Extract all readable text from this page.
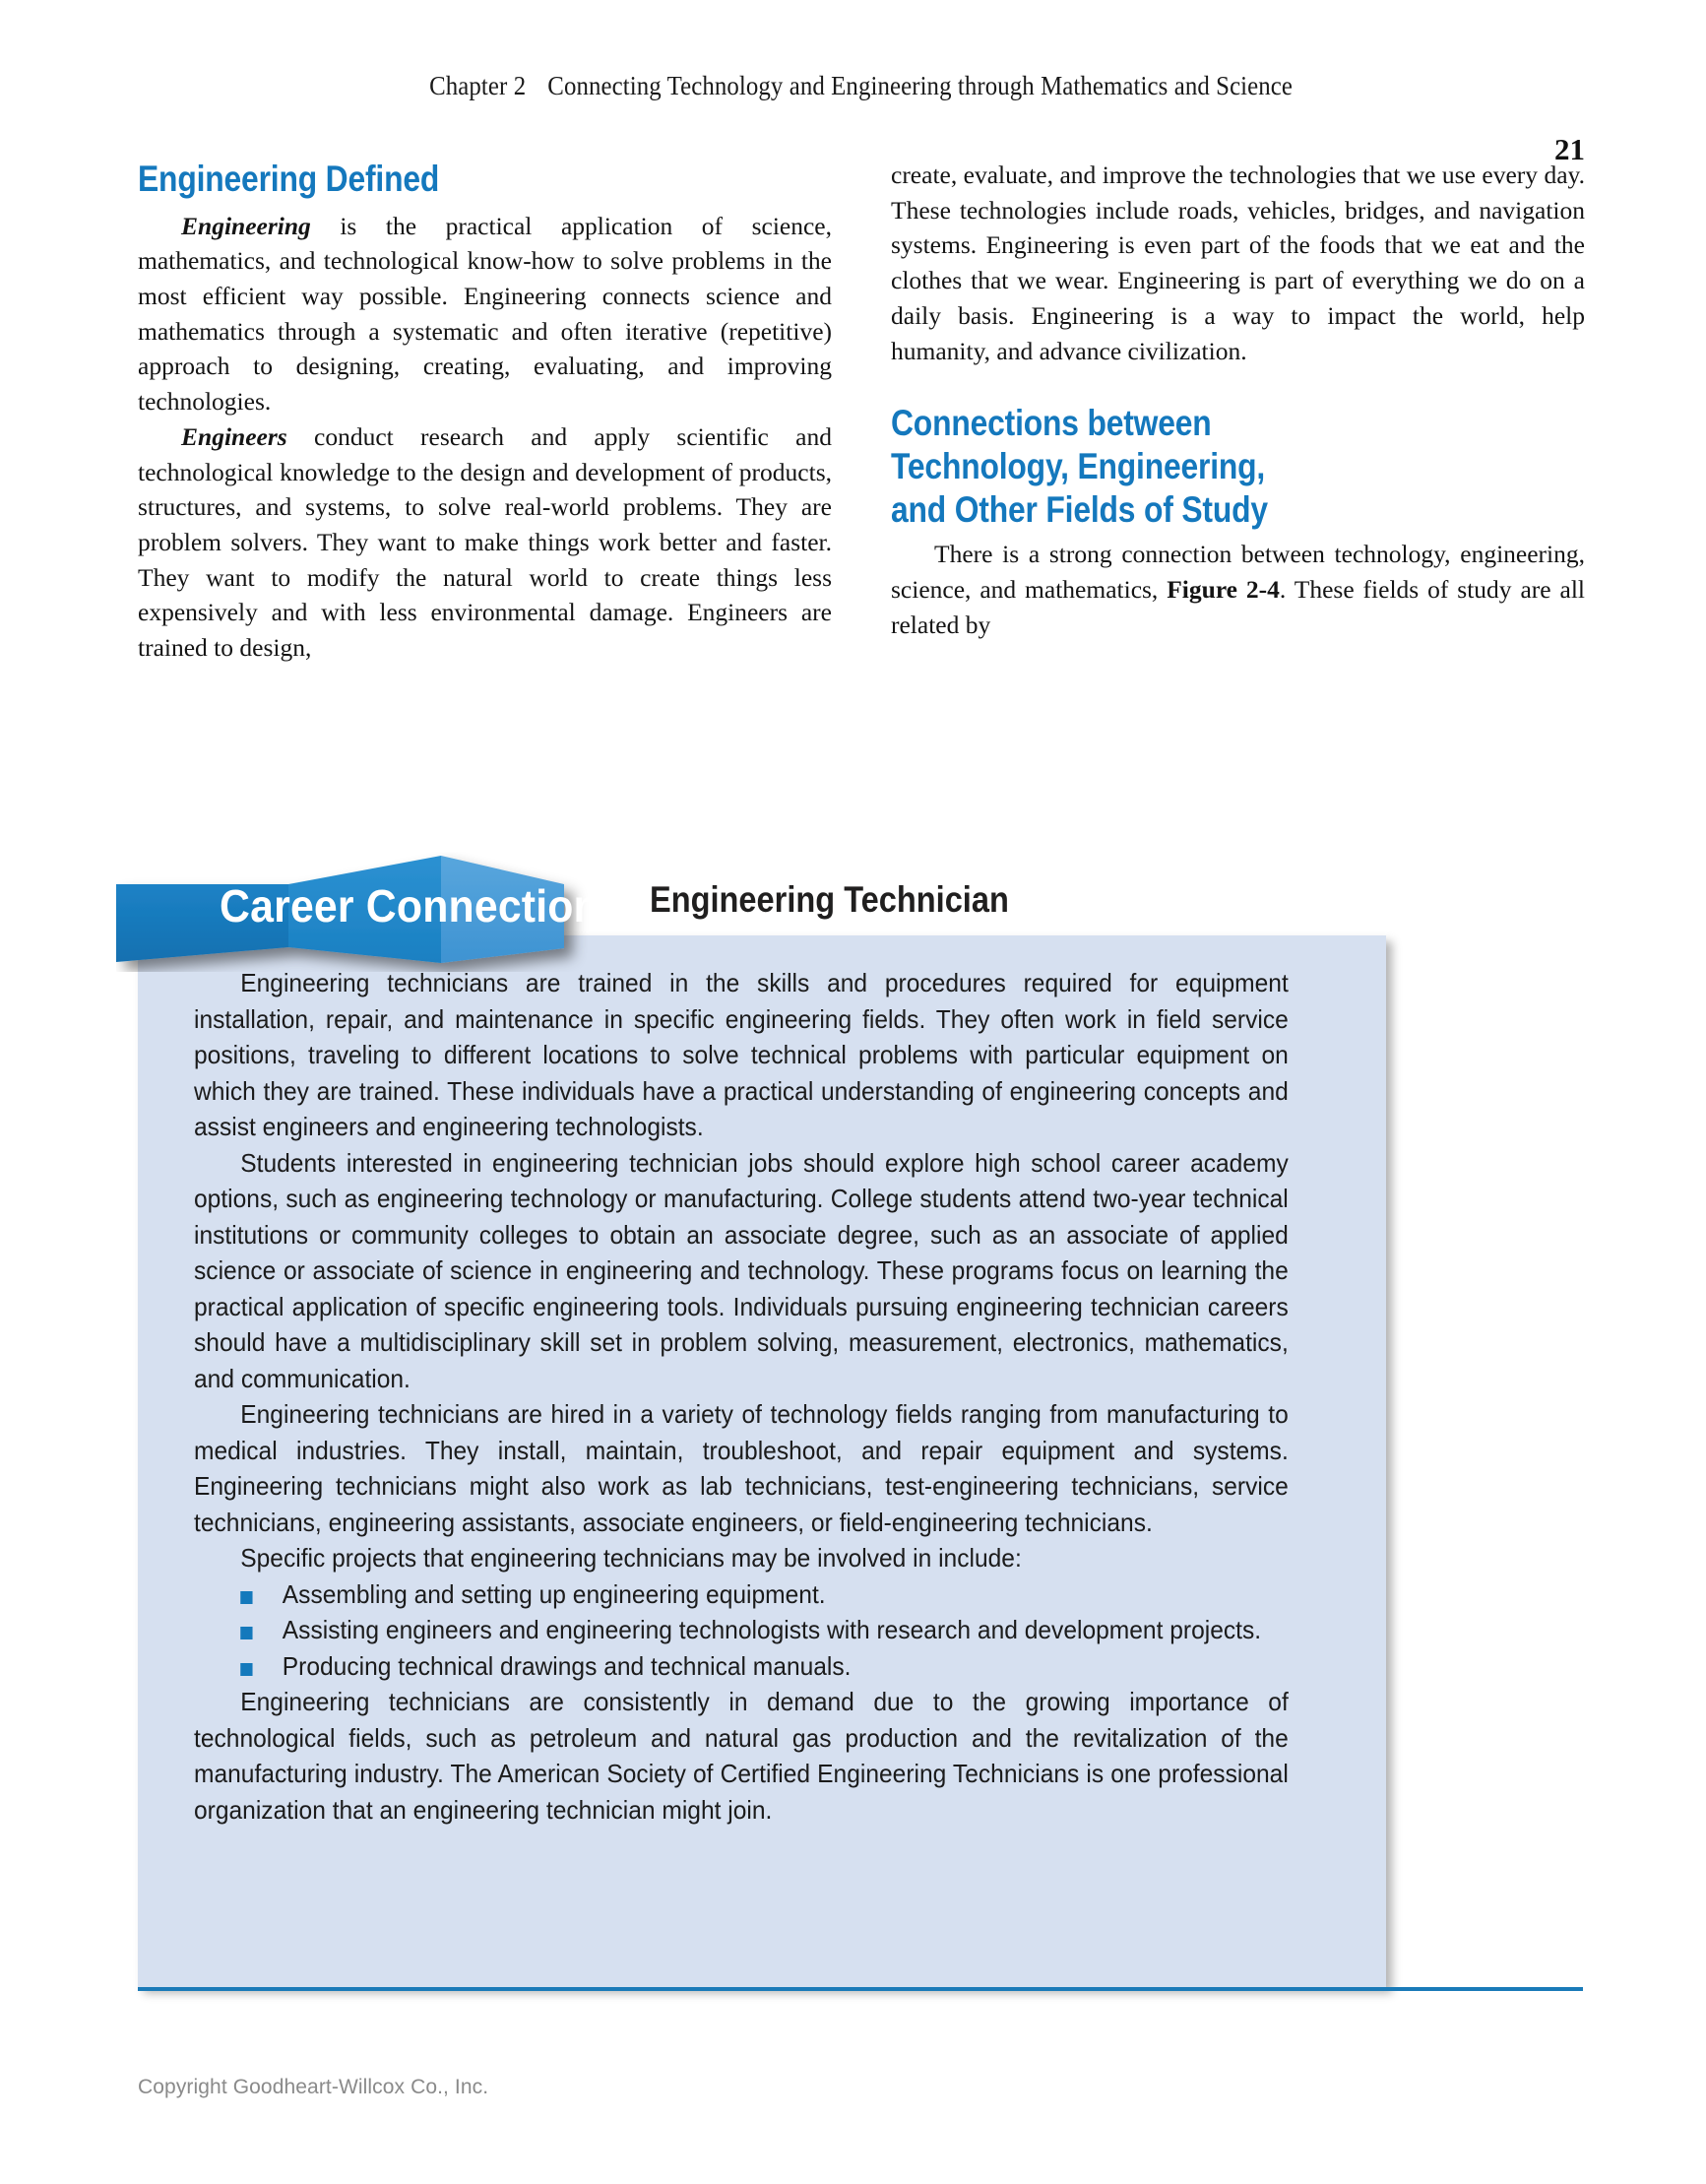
Chapter 2 Connecting Technology and Engineering through Mathematics and Science
21
Engineering Defined

Engineering is the practical application of science, mathematics, and technological know-how to solve problems in the most efficient way possible. Engineering connects science and mathematics through a systematic and often iterative (repetitive) approach to designing, creating, evaluating, and improving technologies.

Engineers conduct research and apply scientific and technological knowledge to the design and development of products, structures, and systems, to solve real-world problems. They are problem solvers. They want to make things work better and faster. They want to modify the natural world to create things less expensively and with less environmental damage. Engineers are trained to design,

create, evaluate, and improve the technologies that we use every day. These technologies include roads, vehicles, bridges, and navigation systems. Engineering is even part of the foods that we eat and the clothes that we wear. Engineering is part of everything we do on a daily basis. Engineering is a way to impact the world, help humanity, and advance civilization.

Connections between
Technology, Engineering,
and Other Fields of Study

There is a strong connection between technology, engineering, science, and mathematics, Figure 2-4. These fields of study are all related by

Career Connection	Engineering Technician

Engineering technicians are trained in the skills and procedures required for equipment installation, repair, and maintenance in specific engineering fields. They often work in field service positions, traveling to different locations to solve technical problems with particular equipment on which they are trained. These individuals have a practical understanding of engineering concepts and assist engineers and engineering technologists.

Students interested in engineering technician jobs should explore high school career academy options, such as engineering technology or manufacturing. College students attend two-year technical institutions or community colleges to obtain an associate degree, such as an associate of applied science or associate of science in engineering and technology. These programs focus on learning the practical application of specific engineering tools. Individuals pursuing engineering technician careers should have a multidisciplinary skill set in problem solving, measurement, electronics, mathematics, and communication.

Engineering technicians are hired in a variety of technology fields ranging from manufacturing to medical industries. They install, maintain, troubleshoot, and repair equipment and systems. Engineering technicians might also work as lab technicians, test-engineering technicians, service technicians, engineering assistants, associate engineers, or field-engineering technicians.

Specific projects that engineering technicians may be involved in include:

Assembling and setting up engineering equipment.
Assisting engineers and engineering technologists with research and development projects.
Producing technical drawings and technical manuals.

Engineering technicians are consistently in demand due to the growing importance of technological fields, such as petroleum and natural gas production and the revitalization of the manufacturing industry. The American Society of Certified Engineering Technicians is one professional organization that an engineering technician might join.

Copyright Goodheart-Willcox Co., Inc.
